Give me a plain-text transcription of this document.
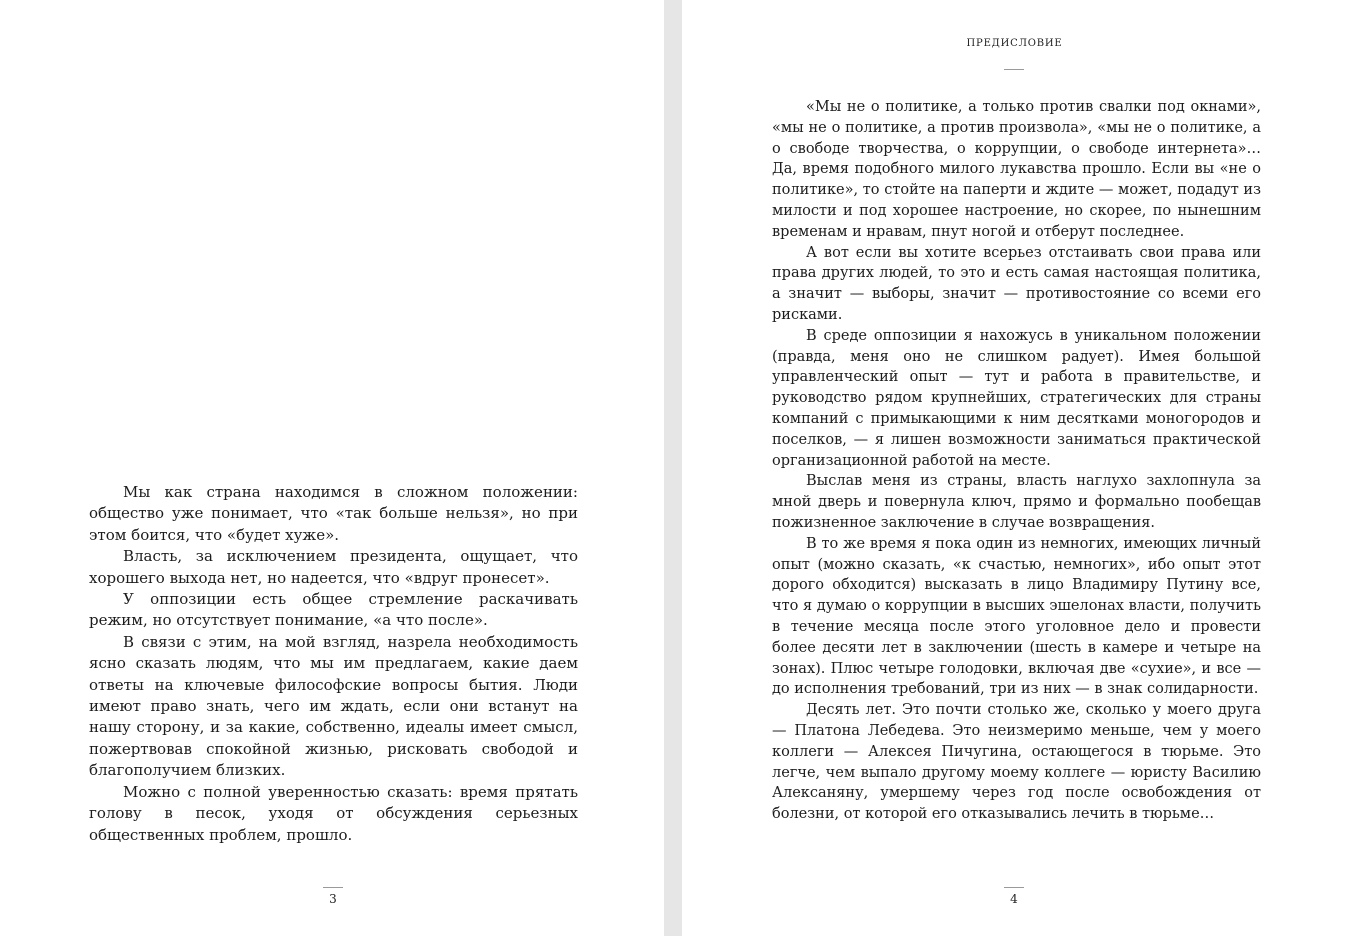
Мы как страна находимся в сложном положении: общество уже понимает, что «так больше нельзя», но при этом боится, что «будет хуже».

Власть, за исключением президента, ощущает, что хорошего выхода нет, но надеется, что «вдруг пронесет».

У оппозиции есть общее стремление раскачивать режим, но отсутствует понимание, «а что после».

В связи с этим, на мой взгляд, назрела необходимость ясно сказать людям, что мы им предлагаем, какие даем ответы на ключевые философские вопросы бытия. Люди имеют право знать, чего им ждать, если они встанут на нашу сторону, и за какие, собственно, идеалы имеет смысл, пожертвовав спокойной жизнью, рисковать свободой и благополучием близких.

Можно с полной уверенностью сказать: время прятать голову в песок, уходя от обсуждения серьезных общественных проблем, прошло.

3
ПРЕДИСЛОВИЕ

«Мы не о политике, а только против свалки под окнами», «мы не о политике, а против произвола», «мы не о политике, а о свободе творчества, о коррупции, о свободе интернета»… Да, время подобного милого лукавства прошло. Если вы «не о политике», то стойте на паперти и ждите — может, подадут из милости и под хорошее настроение, но скорее, по нынешним временам и нравам, пнут ногой и отберут последнее.

А вот если вы хотите всерьез отстаивать свои права или права других людей, то это и есть самая настоящая политика, а значит — выборы, значит — противостояние со всеми его рисками.

В среде оппозиции я нахожусь в уникальном положении (правда, меня оно не слишком радует). Имея большой управленческий опыт — тут и работа в правительстве, и руководство рядом крупнейших, стратегических для страны компаний с примыкающими к ним десятками моногородов и поселков, — я лишен возможности заниматься практической организационной работой на месте.

Выслав меня из страны, власть наглухо захлопнула за мной дверь и повернула ключ, прямо и формально пообещав пожизненное заключение в случае возвращения.

В то же время я пока один из немногих, имеющих личный опыт (можно сказать, «к счастью, немногих», ибо опыт этот дорого обходится) высказать в лицо Владимиру Путину все, что я думаю о коррупции в высших эшелонах власти, получить в течение месяца после этого уголовное дело и провести более десяти лет в заключении (шесть в камере и четыре на зонах). Плюс четыре голодовки, включая две «сухие», и все — до исполнения требований, три из них — в знак солидарности.

Десять лет. Это почти столько же, сколько у моего друга — Платона Лебедева. Это неизмеримо меньше, чем у моего коллеги — Алексея Пичугина, остающегося в тюрьме. Это легче, чем выпало другому моему коллеге — юристу Василию Алексаняну, умершему через год после освобождения от болезни, от которой его отказывались лечить в тюрьме…

4
